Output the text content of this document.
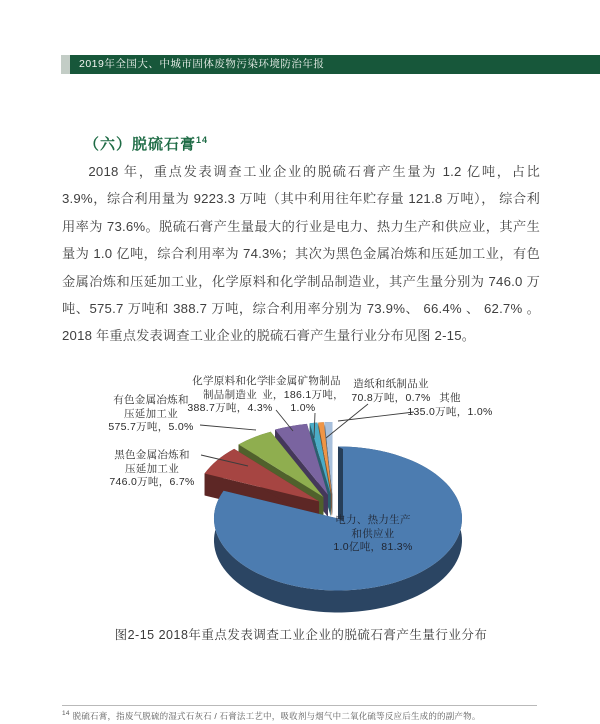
2019年全国大、中城市固体废物污染环境防治年报
（六）脱硫石膏$^{14}$
2018 年，重点发表调查工业企业的脱硫石膏产生量为 1.2 亿吨，占比 3.9%，综合利用量为 9223.3 万吨（其中利用往年贮存量 121.8 万吨）， 综合利用率为 73.6%。脱硫石膏产生量最大的行业是电力、热力生产和供应业，其产生量为 1.0 亿吨，综合利用率为 74.3%；其次为黑色金属冶炼和压延加工业，有色金属冶炼和压延加工业，化学原料和化学制品制造业，其产生量分别为 746.0 万吨、575.7 万吨和 388.7 万吨，综合利用率分别为 73.9%、 66.4% 、 62.7% 。2018 年重点发表调查工业企业的脱硫石膏产生量行业分布见图 2-15。
化学原料和化学
制品制造业
388.7万吨，4.3%
非金属矿物制品
业，186.1万吨，
1.0%
造纸和纸制品业
70.8万吨，0.7% 其他
135.0万吨，1.0%
有色金属冶炼和
压延加工业
575.7万吨，5.0%
黑色金属冶炼和
压延加工业
746.0万吨，6.7%
电力、热力生产
和供应业
1.0亿吨，81.3%
图2-15 2018年重点发表调查工业企业的脱硫石膏产生量行业分布
$^{14}$ 脱硫石膏，指废气脱硫的湿式石灰石 / 石膏法工艺中，吸收剂与烟气中二氧化硫等反应后生成的的副产物。
